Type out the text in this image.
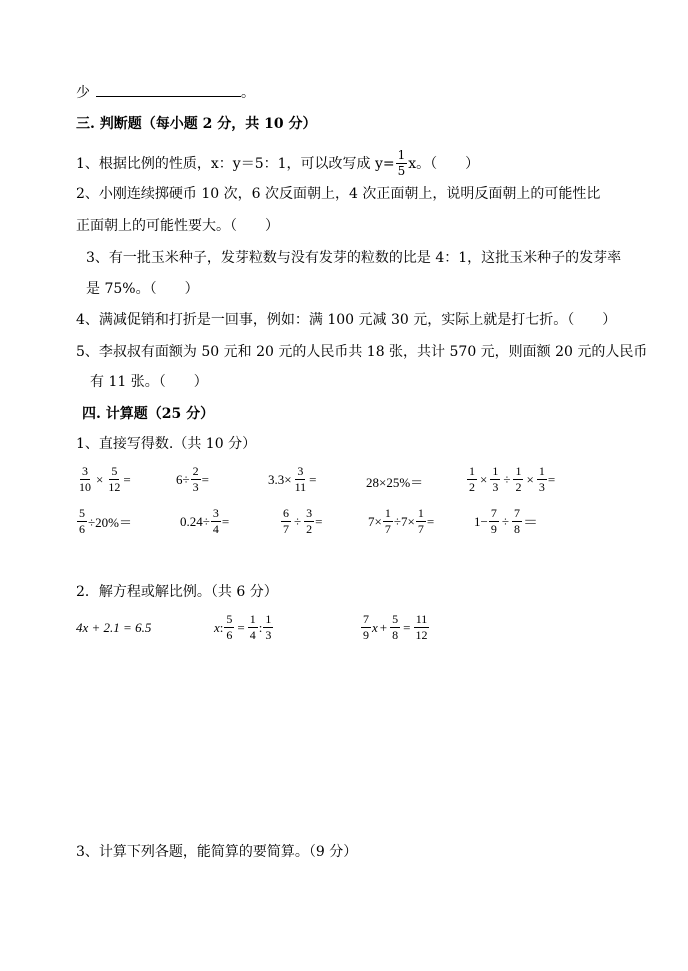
少	。
三. 判断题（每小题 2 分，共 10 分）
1、根据比例的性质，x：y＝5：1，可以改写成 $y= \frac{1}{5}$ x。（　　）
2、小刚连续掷硬币 10 次，6 次反面朝上，4 次正面朝上，说明反面朝上的可能性比
正面朝上的可能性要大。（　　）
3、有一批玉米种子，发芽粒数与没有发芽的粒数的比是 4：1，这批玉米种子的发芽率
是 75%。（　　）
4、满减促销和打折是一回事，例如：满 100 元减 30 元，实际上就是打七折。（　　）
5、李叔叔有面额为 50 元和 20 元的人民币共 18 张，共计 570 元，则面额 20 元的人民币
有 11 张。（　　）
四. 计算题（25 分）
1、直接写得数.（共 10 分）
$\frac{3}{10} \times \frac{5}{12}$ =	$6\div \frac{2}{3}$ =	$3.3\times \frac{3}{11}$ =	28×25%＝	$\frac{1}{2} \times \frac{1}{3} \div \frac{1}{2} \times \frac{1}{3}$ =
$\frac{5}{6} \div 20\%=$	$0.24\div \frac{3}{4}$ =	$\frac{6}{7} \div \frac{3}{2}$ =	$7\times \frac{1}{7} \div 7\times \frac{1}{7}$ =	$1- \frac{7}{9} \div \frac{7}{8}$ ＝
2．解方程或解比例。（共 6 分）
4x + 2.1 = 6.5	x : $\frac{5}{6} = \frac{1}{4}$ : $\frac{1}{3}$	$\frac{7}{9}$ $x + \frac{5}{8} = \frac{11}{12}$
3、计算下列各题，能简算的要简算。（9 分）
